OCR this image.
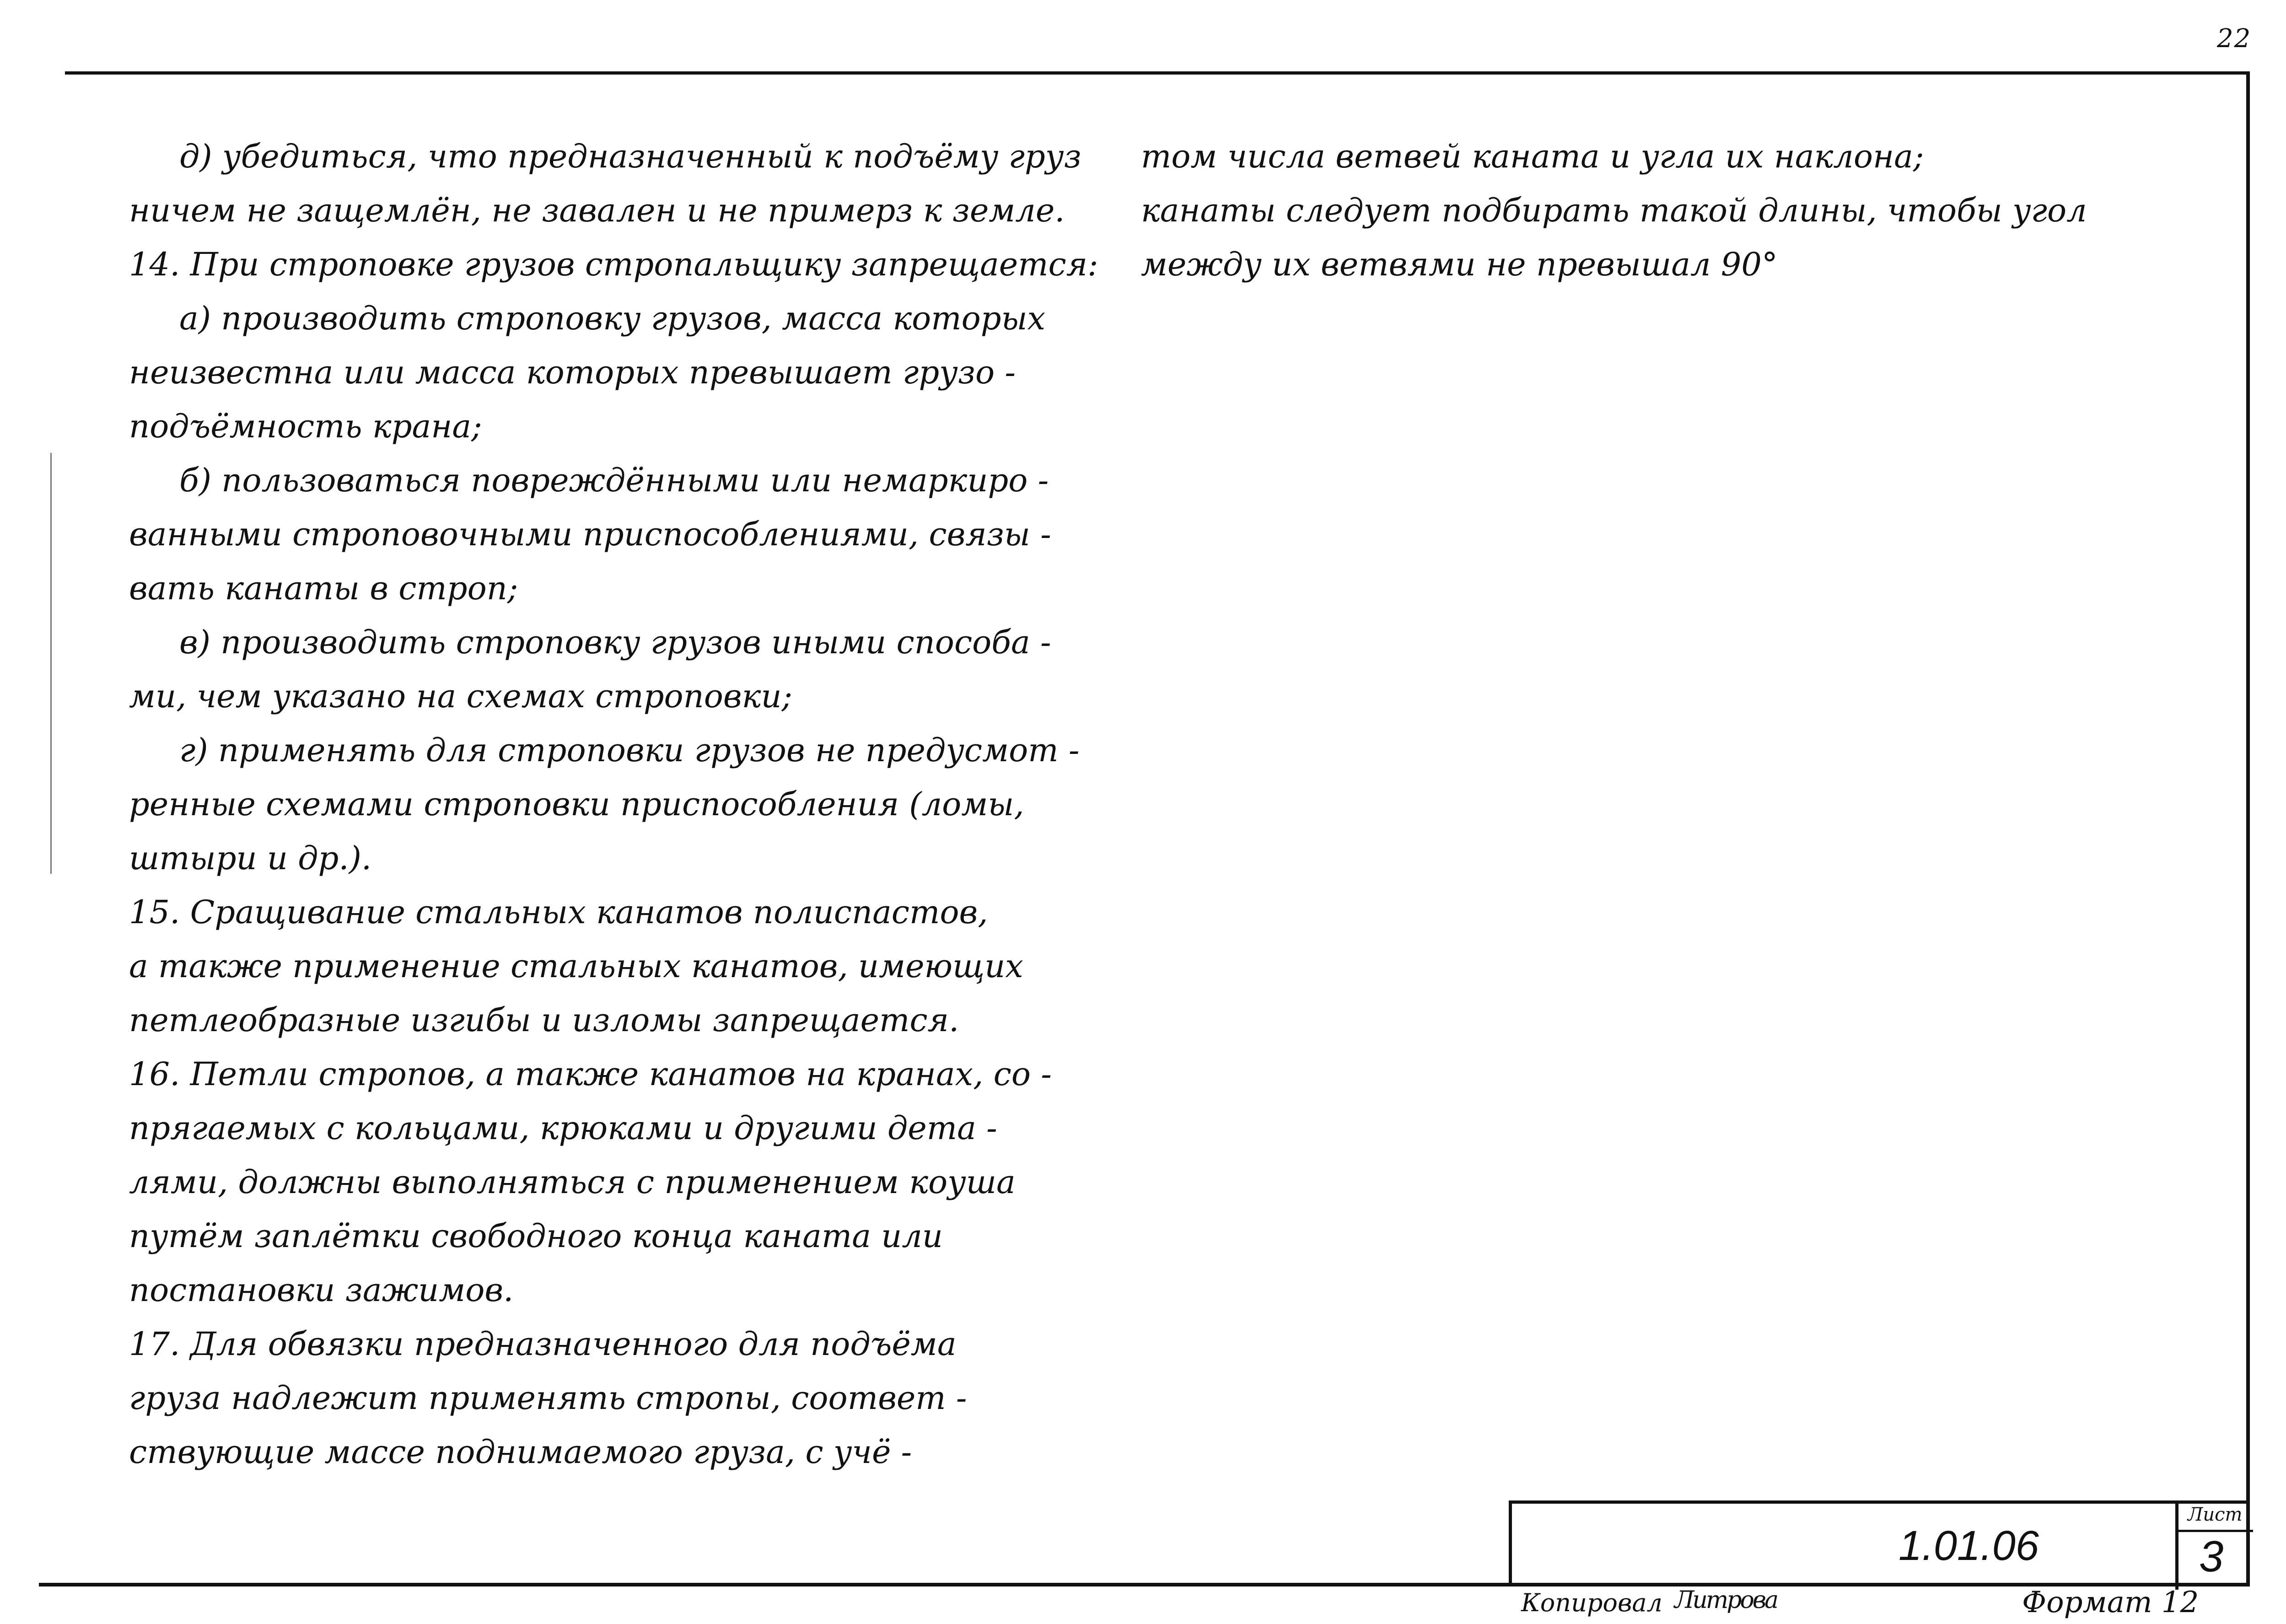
22
д) убедиться, что предназначенный к подъёму груз
ничем не защемлён, не завален и не примерз к земле.
14. При строповке грузов стропальщику запрещается:
а) производить строповку грузов, масса которых
неизвестна или масса которых превышает грузо -
подъёмность крана;
б) пользоваться повреждёнными или немаркиро -
ванными строповочными приспособлениями, связы -
вать канаты в строп;
в) производить строповку грузов иными способа -
ми, чем указано на схемах строповки;
г) применять для строповки грузов не предусмот -
ренные схемами строповки приспособления (ломы,
штыри и др.).
15. Сращивание стальных канатов полиспастов,
а также применение стальных канатов, имеющих
петлеобразные изгибы и изломы запрещается.
16. Петли стропов, а также канатов на кранах, со -
прягаемых с кольцами, крюками и другими дета -
лями, должны выполняться с применением коуша
путём заплётки свободного конца каната или
постановки зажимов.
17. Для обвязки предназначенного для подъёма
груза надлежит применять стропы, соответ -
ствующие массе поднимаемого груза, с учё -
том числа ветвей каната и угла их наклона;
канаты следует подбирать такой длины, чтобы угол
между их ветвями не превышал 90°
1.01.06
Лист
3
Копировал Литрова	Формат 12
